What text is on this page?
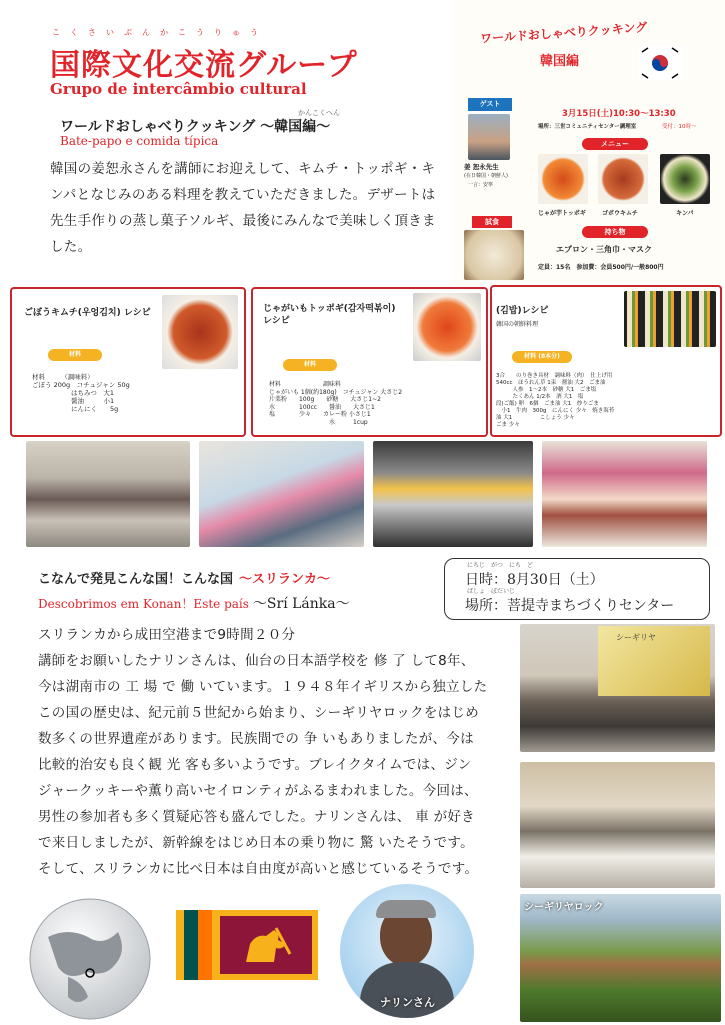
こくさいぶんかこうりゅう
国際文化交流グループ
Grupo de intercâmbio cultural
かんこくへん
ワールドおしゃべりクッキング ～韓国編～
Bate-papo e comida típica
韓国の姜恕永さんを講師にお迎えして、キムチ・トッポギ・キンパとなじみのある料理を教えていただきました。デザートは先生手作りの蒸し菓子ソルギ、最後にみんなで美味しく頂きました。
ワールドおしゃべりクッキング
韓国編
ゲスト
3月15日(土)10:30～13:30
場所：三世コミュニティセンター調理室	受付：10時～
姜 恕永先生
(在日韓国・朝鮮人)
一言：安寧
メニュー
じゃが芋トッポギ	ゴボウキムチ	キンパ
試食
持ち物
エプロン・三角巾・マスク
定員：15名　参加費：会員500円/一般800円
ごぼうキムチ(우엉김치) レシピ
材料
材料　　　（調味料）
ごぼう 200g　コチュジャン 50g
　　　　　　はちみつ　大1
　　　　　　醤油　　　小1
　　　　　　にんにく　　5g
じゃがいもトッポギ(감자떡볶이) レシピ
材料
材料　　　　　　　調味料
じゃがいも 1個(約180g)　コチュジャン 大さじ2
片栗粉　　100g　　砂糖　　大さじ1~2
水　　　　100cc　　醤油　　大さじ1
塩　　　　少々　　カレー粉 小さじ1
　　　　　　　　　　水　　　1cup
(김밥)レシピ
韓国の朝鮮料理
材料 (8本分)
3合　　のり巻き具材　調味料（肉）　仕上げ用
540cc　ほうれん草 1束　醤油 大2　ごま油
　　　人参　1～2本　砂糖 大1　ごま塩
　　　たくあん 1/2本　酒 大1　塩
段(ご飯) 卵　6個　ごま油 大1　炒りごま
　小1　牛肉　300g　にんにく 少々　焼き海苔
油 大1　　　　　こしょう 少々
ごま 少々
こなんで発見こんな国！こんな国 ～スリランカ～
Descobrimos em Konan！Este país ～Srí Lánka～
にちじ　がつ　にち　ど
日時：8月30日（土）
ばしょ　ぼだいじ
場所：菩提寺まちづくりセンター
スリランカから成田空港まで9時間２０分
講師をお願いしたナリンさんは、仙台の日本語学校を 修 了 して8年、
今は湖南市の 工 場 で 働 いています。１９４８年イギリスから独立した
この国の歴史は、紀元前５世紀から始まり、シーギリヤロックをはじめ
数多くの世界遺産があります。民族間での 争 いもありましたが、今は
比較的治安も良く観 光 客も多いようです。ブレイクタイムでは、ジン
ジャークッキーや薫り高いセイロンティがふるまわれました。今回は、
男性の参加者も多く質疑応答も盛んでした。ナリンさんは、 車 が好き
で来日しましたが、新幹線をはじめ日本の乗り物に 驚 いたそうです。
そして、スリランカに比べ日本は自由度が高いと感じているそうです。
シーギリヤ
ナリンさん
シーギリヤロック
